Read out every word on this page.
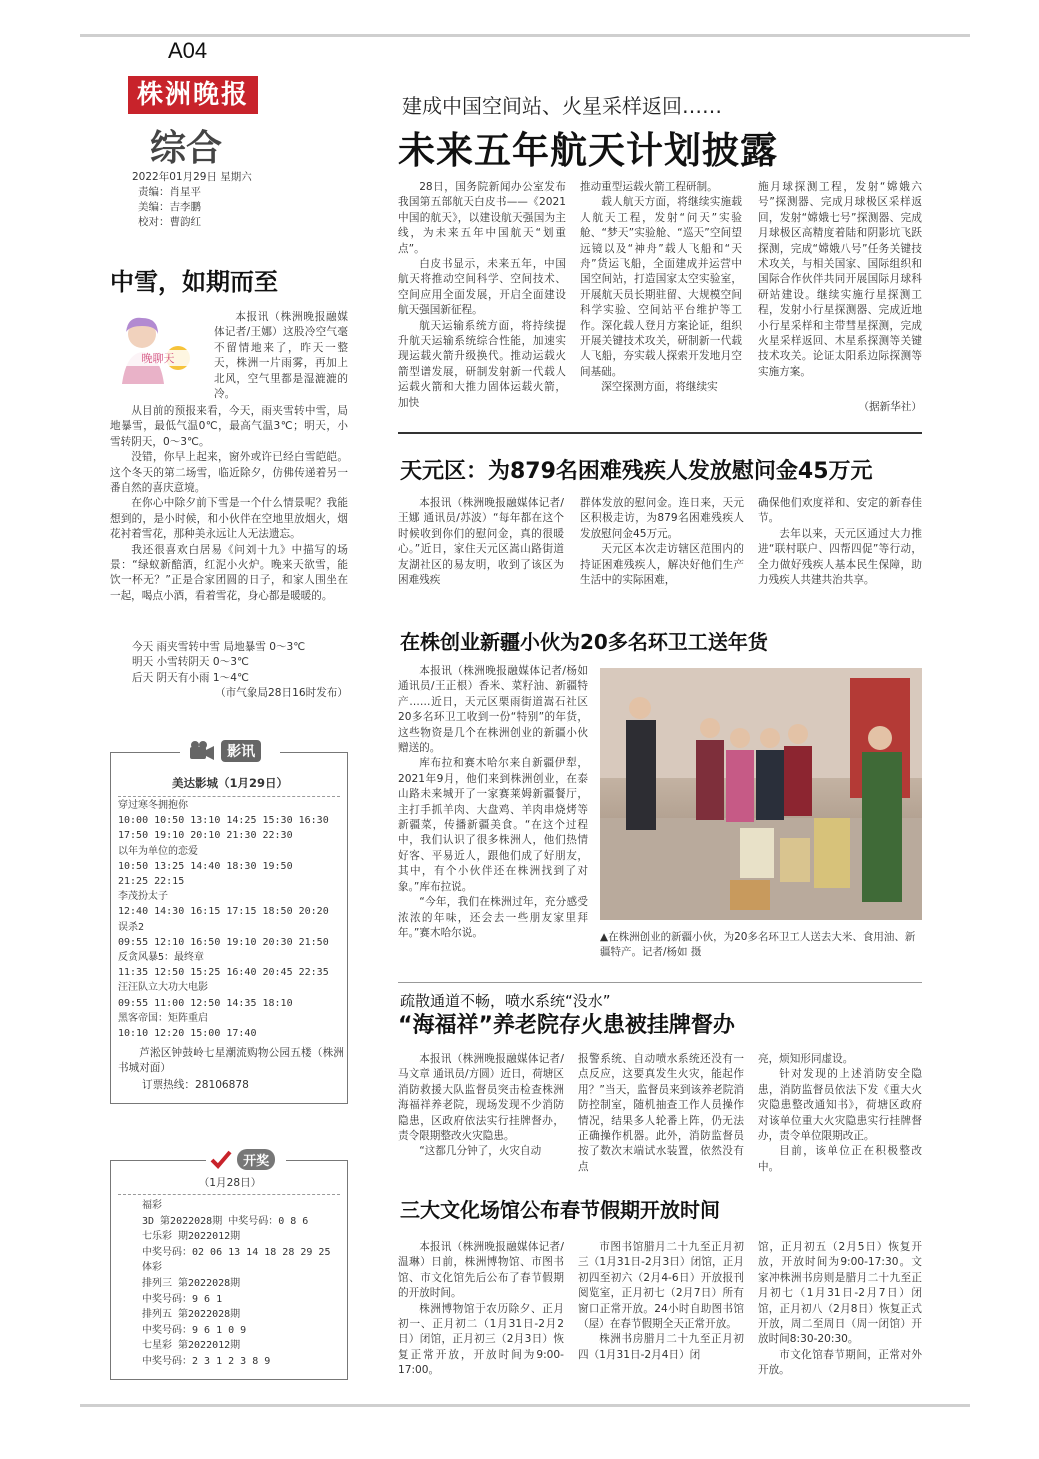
A04
株洲晚报
综合
2022年01月29日 星期六
责编：肖星平
美编：吉李鹏
校对：曹韵红
建成中国空间站、火星采样返回……
未来五年航天计划披露

28日，国务院新闻办公室发布我国第五部航天白皮书——《2021中国的航天》，以建设航天强国为主线，为未来五年中国航天“划重点”。

白皮书显示，未来五年，中国航天将推动空间科学、空间技术、空间应用全面发展，开启全面建设航天强国新征程。

航天运输系统方面，将持续提升航天运输系统综合性能，加速实现运载火箭升级换代。推动运载火箭型谱发展，研制发射新一代载人运载火箭和大推力固体运载火箭，加快

推动重型运载火箭工程研制。

载人航天方面，将继续实施载人航天工程，发射“问天”实验舱、“梦天”实验舱、“巡天”空间望远镜以及“神舟”载人飞船和“天舟”货运飞船，全面建成并运营中国空间站，打造国家太空实验室，开展航天员长期驻留、大规模空间科学实验、空间站平台维护等工作。深化载人登月方案论证，组织开展关键技术攻关，研制新一代载人飞船，夯实载人探索开发地月空间基础。

深空探测方面，将继续实

施月球探测工程，发射“嫦娥六号”探测器、完成月球极区采样返回，发射“嫦娥七号”探测器、完成月球极区高精度着陆和阴影坑飞跃探测，完成“嫦娥八号”任务关键技术攻关，与相关国家、国际组织和国际合作伙伴共同开展国际月球科研站建设。继续实施行星探测工程，发射小行星探测器、完成近地小行星采样和主带彗星探测，完成火星采样返回、木星系探测等关键技术攻关。论证太阳系边际探测等实施方案。

（据新华社）
中雪，如期而至
晚聊天

本报讯（株洲晚报融媒体记者/王娜）这股冷空气毫不留情地来了，昨天一整天，株洲一片雨雾，再加上北风，空气里都是湿漉漉的冷。

从目前的预报来看，今天，雨夹雪转中雪，局地暴雪，最低气温0℃，最高气温3℃；明天，小雪转阴天，0～3℃。

没错，你早上起来，窗外或许已经白雪皑皑。这个冬天的第二场雪，临近除夕，仿佛传递着另一番自然的喜庆意境。

在你心中除夕前下雪是一个什么情景呢？我能想到的，是小时候，和小伙伴在空地里放烟火，烟花衬着雪花，那种美永远让人无法遗忘。

我还很喜欢白居易《问刘十九》中描写的场景：“绿蚁新醅酒，红泥小火炉。晚来天欲雪，能饮一杯无？”正是合家团圆的日子，和家人围坐在一起，喝点小酒，看着雪花，身心都是暖暖的。

今天 雨夹雪转中雪 局地暴雪 0～3℃
明天 小雪转阴天 0～3℃
后天 阴天有小雨 1～4℃
（市气象局28日16时发布）
影讯
美达影城（1月29日）
穿过寒冬拥抱你
10:00 10:50 13:10 14:25 15:30 16:30
17:50 19:10 20:10 21:30 22:30
以年为单位的恋爱
10:50 13:25 14:40 18:30 19:50
21:25 22:15
李茂扮太子
12:40 14:30 16:15 17:15 18:50 20:20
误杀2
09:55 12:10 16:50 19:10 20:30 21:50
反贪风暴5：最终章
11:35 12:50 15:25 16:40 20:45 22:35
汪汪队立大功大电影
09:55 11:00 12:50 14:35 18:10
黑客帝国：矩阵重启
10:10 12:20 15:00 17:40
芦淞区钟鼓岭七星潮流购物公园五楼（株洲书城对面）
订票热线：28106878
开奖
（1月28日）
福彩
3D 第2022028期 中奖号码：0 8 6
七乐彩 期2022012期
中奖号码：02 06 13 14 18 28 29 25
体彩
排列三 第2022028期
中奖号码：9 6 1
排列五 第2022028期
中奖号码：9 6 1 0 9
七星彩 第2022012期
中奖号码：2 3 1 2 3 8 9
天元区：为879名困难残疾人发放慰问金45万元

本报讯（株洲晚报融媒体记者/王娜 通讯员/苏波）“每年都在这个时候收到你们的慰问金，真的很暖心。”近日，家住天元区嵩山路街道友湖社区的易友明，收到了该区为困难残疾

群体发放的慰问金。连日来，天元区积极走访，为879名困难残疾人发放慰问金45万元。

天元区本次走访辖区范围内的持证困难残疾人，解决好他们生产生活中的实际困难，

确保他们欢度祥和、安定的新春佳节。

去年以来，天元区通过大力推进“联村联户、四帮四促”等行动，全力做好残疾人基本民生保障，助力残疾人共建共治共享。

在株创业新疆小伙为20多名环卫工送年货

本报讯（株洲晚报融媒体记者/杨如 通讯员/王正根）香米、菜籽油、新疆特产……近日，天元区栗雨街道嵩石社区20多名环卫工收到一份“特别”的年货，这些物资是几个在株洲创业的新疆小伙赠送的。

库布拉和赛木哈尔来自新疆伊犁，2021年9月，他们来到株洲创业，在泰山路未来城开了一家赛莱姆新疆餐厅，主打手抓羊肉、大盘鸡、羊肉串烧烤等新疆菜，传播新疆美食。“在这个过程中，我们认识了很多株洲人，他们热情好客、平易近人，跟他们成了好朋友，其中，有个小伙伴还在株洲找到了对象。”库布拉说。

“今年，我们在株洲过年，充分感受浓浓的年味，还会去一些朋友家里拜年。”赛木哈尔说。	▲在株洲创业的新疆小伙，为20多名环卫工人送去大米、食用油、新疆特产。记者/杨如 摄
疏散通道不畅，喷水系统“没水”
“海福祥”养老院存火患被挂牌督办

本报讯（株洲晚报融媒体记者/马文章 通讯员/方圆）近日，荷塘区消防救援大队监督员突击检查株洲海福祥养老院，现场发现不少消防隐患，区政府依法实行挂牌督办，责令限期整改火灾隐患。

“这都几分钟了，火灾自动

报警系统、自动喷水系统还没有一点反应，这要真发生火灾，能起作用？”当天，监督员来到该养老院消防控制室，随机抽查工作人员操作情况，结果多人轮番上阵，仍无法正确操作机器。此外，消防监督员按了数次末端试水装置，依然没有点

亮，烦知形同虚设。

针对发现的上述消防安全隐患，消防监督员依法下发《重大火灾隐患整改通知书》，荷塘区政府对该单位重大火灾隐患实行挂牌督办，责令单位限期改正。

目前，该单位正在积极整改中。

三大文化场馆公布春节假期开放时间

本报讯（株洲晚报融媒体记者/温琳）日前，株洲博物馆、市图书馆、市文化馆先后公布了春节假期的开放时间。

株洲博物馆于农历除夕、正月初一、正月初二（1月31日-2月2日）闭馆，正月初三（2月3日）恢复正常开放，开放时间为9:00-17:00。

市图书馆腊月二十九至正月初三（1月31日-2月3日）闭馆，正月初四至初六（2月4-6日）开放报刊阅览室，正月初七（2月7日）所有窗口正常开放。24小时自助图书馆（屋）在春节假期全天正常开放。

株洲书房腊月二十九至正月初四（1月31日-2月4日）闭

馆，正月初五（2月5日）恢复开放，开放时间为9:00-17:30。文家冲株洲书房则是腊月二十九至正月初七（1月31日-2月7日）闭馆，正月初八（2月8日）恢复正式开放，周二至周日（周一闭馆）开放时间8:30-20:30。

市文化馆春节期间，正常对外开放。
